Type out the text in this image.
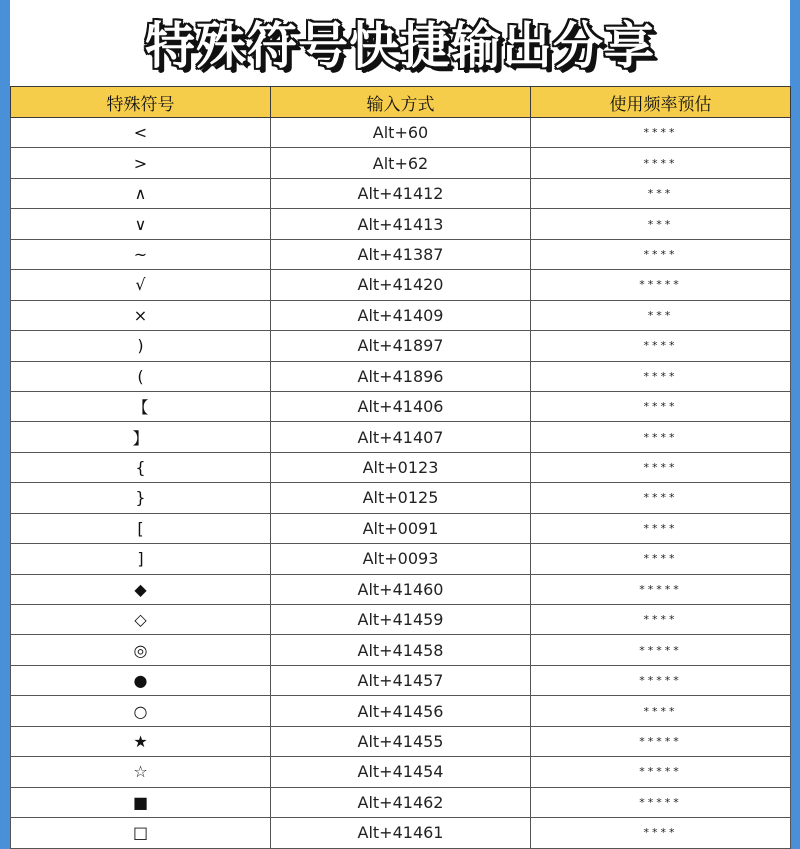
特殊符号快捷输出分享
特殊符号	输入方式	使用频率预估
<	Alt+60	****
>	Alt+62	****
∧	Alt+41412	***
∨	Alt+41413	***
~	Alt+41387	****
√	Alt+41420	*****
×	Alt+41409	***
)	Alt+41897	****
(	Alt+41896	****
【	Alt+41406	****
】	Alt+41407	****
{	Alt+0123	****
}	Alt+0125	****
[	Alt+0091	****
]	Alt+0093	****
◆	Alt+41460	*****
◇	Alt+41459	****
◎	Alt+41458	*****
●	Alt+41457	*****
○	Alt+41456	****
★	Alt+41455	*****
☆	Alt+41454	*****
■	Alt+41462	*****
□	Alt+41461	****
